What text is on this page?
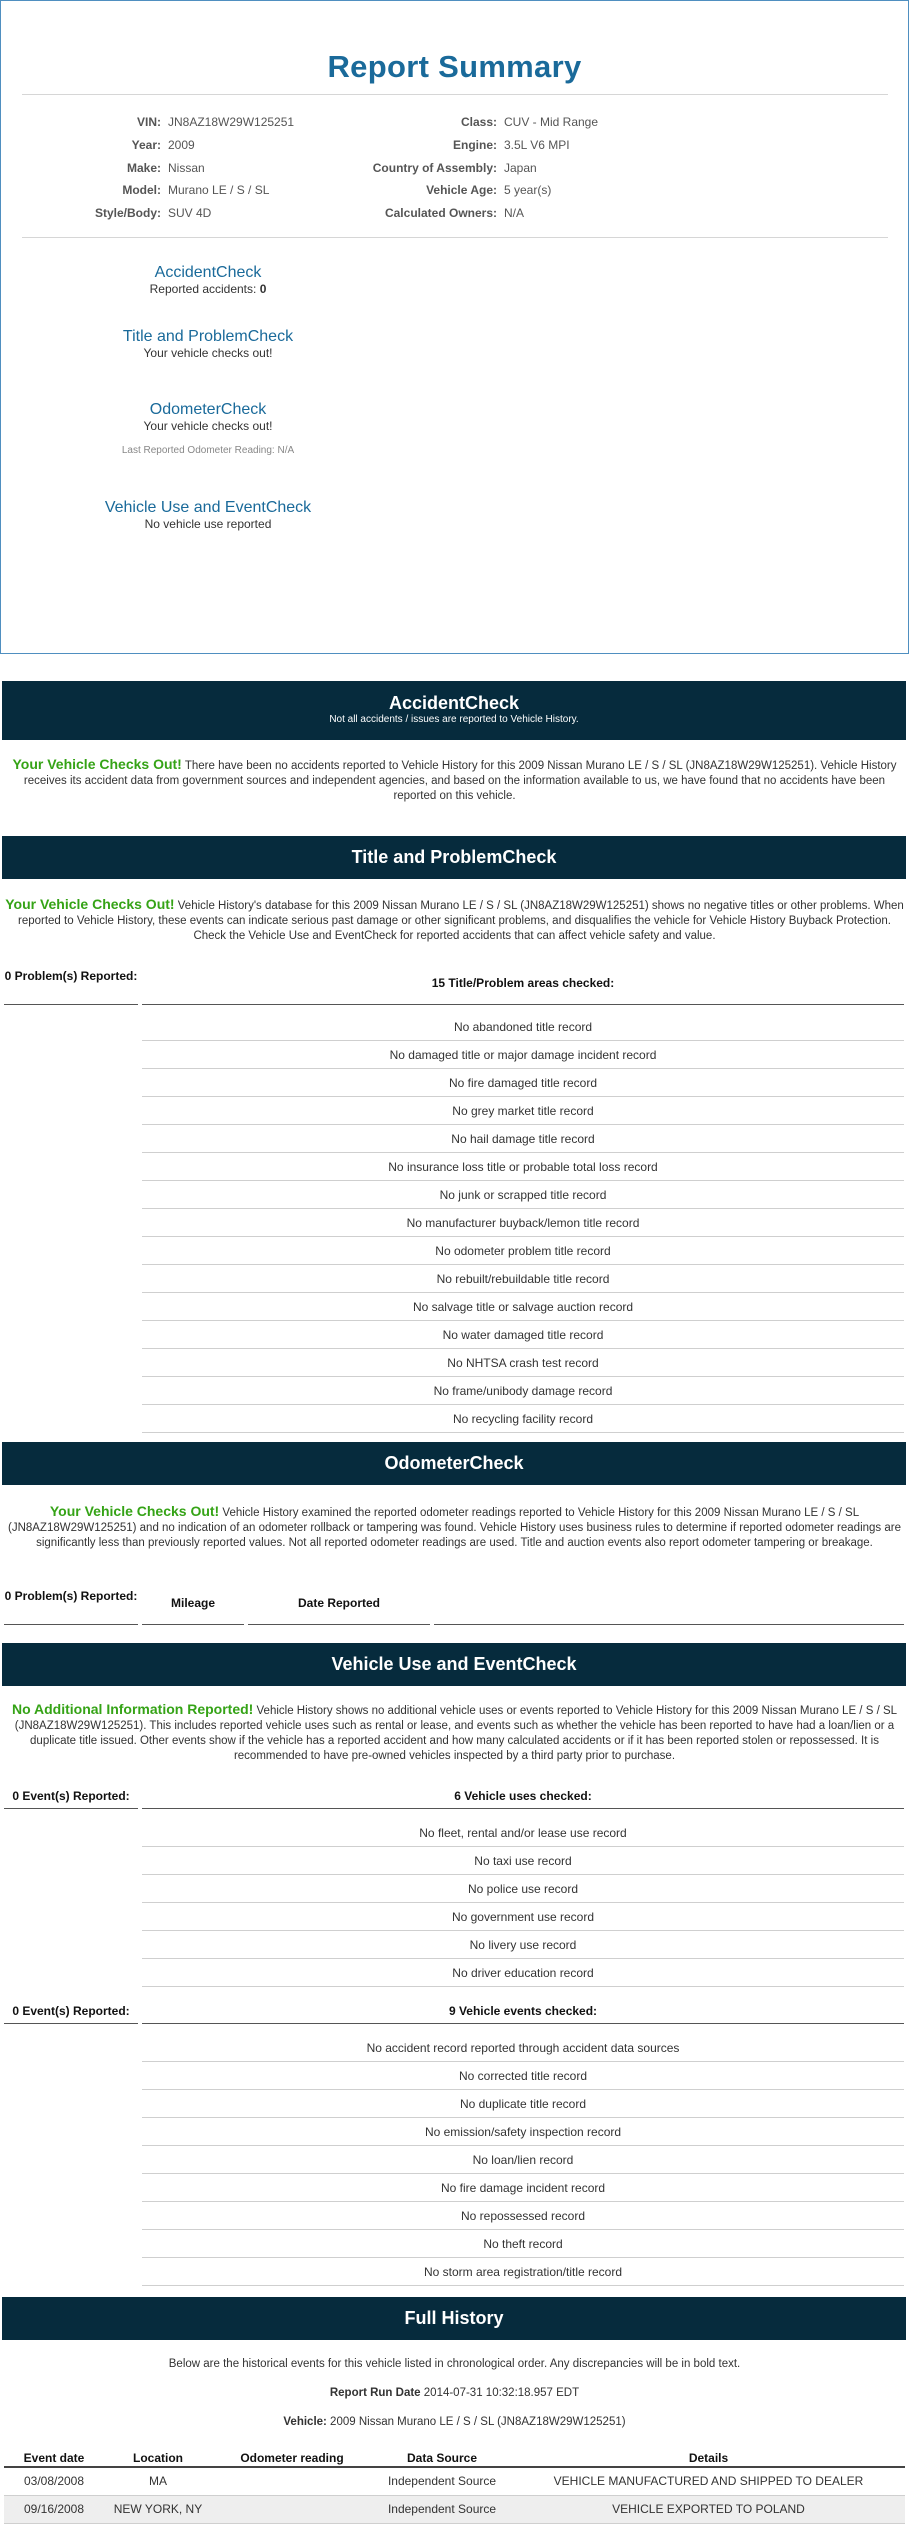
Report Summary
VIN: JN8AZ18W29W125251
Year: 2009
Make: Nissan
Model: Murano LE / S / SL
Style/Body: SUV 4D
Class: CUV - Mid Range
Engine: 3.5L V6 MPI
Country of Assembly: Japan
Vehicle Age: 5 year(s)
Calculated Owners: N/A
AccidentCheck
Reported accidents: 0
Title and ProblemCheck
Your vehicle checks out!
OdometerCheck
Your vehicle checks out!
Last Reported Odometer Reading: N/A
Vehicle Use and EventCheck
No vehicle use reported
AccidentCheck
Not all accidents / issues are reported to Vehicle History.
Your Vehicle Checks Out! There have been no accidents reported to Vehicle History for this 2009 Nissan Murano LE / S / SL (JN8AZ18W29W125251). Vehicle History receives its accident data from government sources and independent agencies, and based on the information available to us, we have found that no accidents have been reported on this vehicle.
Title and ProblemCheck
Your Vehicle Checks Out! Vehicle History's database for this 2009 Nissan Murano LE / S / SL (JN8AZ18W29W125251) shows no negative titles or other problems. When reported to Vehicle History, these events can indicate serious past damage or other significant problems, and disqualifies the vehicle for Vehicle History Buyback Protection. Check the Vehicle Use and EventCheck for reported accidents that can affect vehicle safety and value.
0 Problem(s) Reported:	15 Title/Problem areas checked:
No abandoned title record
No damaged title or major damage incident record
No fire damaged title record
No grey market title record
No hail damage title record
No insurance loss title or probable total loss record
No junk or scrapped title record
No manufacturer buyback/lemon title record
No odometer problem title record
No rebuilt/rebuildable title record
No salvage title or salvage auction record
No water damaged title record
No NHTSA crash test record
No frame/unibody damage record
No recycling facility record
OdometerCheck
Your Vehicle Checks Out! Vehicle History examined the reported odometer readings reported to Vehicle History for this 2009 Nissan Murano LE / S / SL (JN8AZ18W29W125251) and no indication of an odometer rollback or tampering was found. Vehicle History uses business rules to determine if reported odometer readings are significantly less than previously reported values. Not all reported odometer readings are used. Title and auction events also report odometer tampering or breakage.
0 Problem(s) Reported:	Mileage	Date Reported
Vehicle Use and EventCheck
No Additional Information Reported! Vehicle History shows no additional vehicle uses or events reported to Vehicle History for this 2009 Nissan Murano LE / S / SL (JN8AZ18W29W125251). This includes reported vehicle uses such as rental or lease, and events such as whether the vehicle has been reported to have had a loan/lien or a duplicate title issued. Other events show if the vehicle has a reported accident and how many calculated accidents or if it has been reported stolen or repossessed. It is recommended to have pre-owned vehicles inspected by a third party prior to purchase.
0 Event(s) Reported:	6 Vehicle uses checked:
No fleet, rental and/or lease use record
No taxi use record
No police use record
No government use record
No livery use record
No driver education record
0 Event(s) Reported:	9 Vehicle events checked:
No accident record reported through accident data sources
No corrected title record
No duplicate title record
No emission/safety inspection record
No loan/lien record
No fire damage incident record
No repossessed record
No theft record
No storm area registration/title record
Full History
Below are the historical events for this vehicle listed in chronological order. Any discrepancies will be in bold text.
Report Run Date 2014-07-31 10:32:18.957 EDT
Vehicle: 2009 Nissan Murano LE / S / SL (JN8AZ18W29W125251)
Event date	Location	Odometer reading	Data Source	Details
03/08/2008	MA		Independent Source	VEHICLE MANUFACTURED AND SHIPPED TO DEALER
09/16/2008	NEW YORK, NY		Independent Source	VEHICLE EXPORTED TO POLAND
